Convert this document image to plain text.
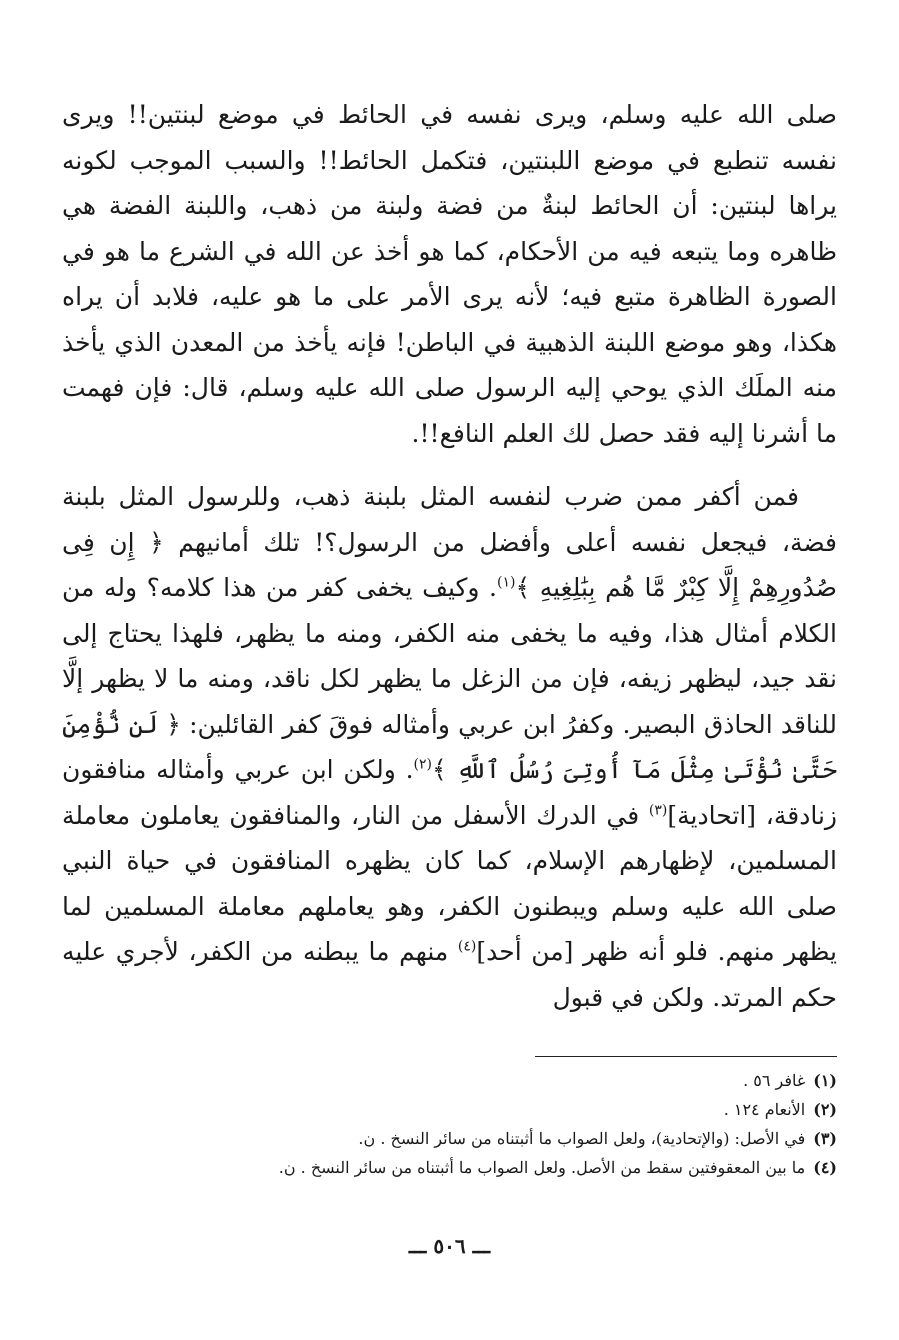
صلى الله عليه وسلم، ويرى نفسه في الحائط في موضع لبنتين!! ويرى نفسه تنطبع في موضع اللبنتين، فتكمل الحائط!! والسبب الموجب لكونه يراها لبنتين: أن الحائط لبنةٌ من فضة ولبنة من ذهب، واللبنة الفضة هي ظاهره وما يتبعه فيه من الأحكام، كما هو أخذ عن الله في الشرع ما هو في الصورة الظاهرة متبع فيه؛ لأنه يرى الأمر على ما هو عليه، فلابد أن يراه هكذا، وهو موضع اللبنة الذهبية في الباطن! فإنه يأخذ من المعدن الذي يأخذ منه الملَك الذي يوحي إليه الرسول صلى الله عليه وسلم، قال: فإن فهمت ما أشرنا إليه فقد حصل لك العلم النافع!!.

فمن أكفر ممن ضرب لنفسه المثل بلبنة ذهب، وللرسول المثل بلبنة فضة، فيجعل نفسه أعلى وأفضل من الرسول؟! تلك أمانيهم ﴿ إِن فِى صُدُورِهِمْ إِلَّا كِبْرٌ مَّا هُم بِبَٰلِغِيهِ ﴾$^{(١)}$. وكيف يخفى كفر من هذا كلامه؟ وله من الكلام أمثال هذا، وفيه ما يخفى منه الكفر، ومنه ما يظهر، فلهذا يحتاج إلى نقد جيد، ليظهر زيفه، فإن من الزغل ما يظهر لكل ناقد، ومنه ما لا يظهر إلَّا للناقد الحاذق البصير. وكفرُ ابن عربي وأمثاله فوقَ كفر القائلين: ﴿ لَن نُّؤْمِنَ حَتَّىٰ نُؤْتَىٰ مِثْلَ مَآ أُوتِىَ رُسُلُ ٱللَّهِ ﴾$^{(٢)}$. ولكن ابن عربي وأمثاله منافقون زنادقة، [اتحادية]$^{(٣)}$ في الدرك الأسفل من النار، والمنافقون يعاملون معاملة المسلمين، لإظهارهم الإسلام، كما كان يظهره المنافقون في حياة النبي صلى الله عليه وسلم ويبطنون الكفر، وهو يعاملهم معاملة المسلمين لما يظهر منهم. فلو أنه ظهر [من أحد]$^{(٤)}$ منهم ما يبطنه من الكفر، لأجري عليه حكم المرتد. ولكن في قبول

(١)غافر ٥٦ .
(٢)الأنعام ١٢٤ .
(٣)في الأصل: (والإتحادية)، ولعل الصواب ما أثبتناه من سائر النسخ . ن.
(٤)ما بين المعقوفتين سقط من الأصل. ولعل الصواب ما أثبتناه من سائر النسخ . ن.
ـــ ٥٠٦ ـــ
